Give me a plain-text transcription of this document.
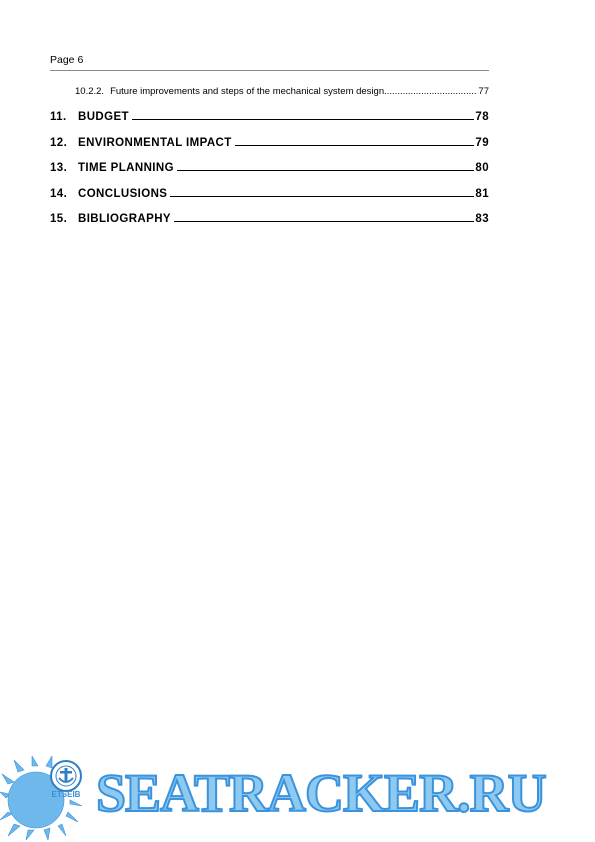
Page 6
10.2.2. Future improvements and steps of the mechanical system design .....	77
11. BUDGET	78
12. ENVIRONMENTAL IMPACT	79
13. TIME PLANNING	80
14. CONCLUSIONS	81
15. BIBLIOGRAPHY	83
ETSEIB SEATRACKER.RU
